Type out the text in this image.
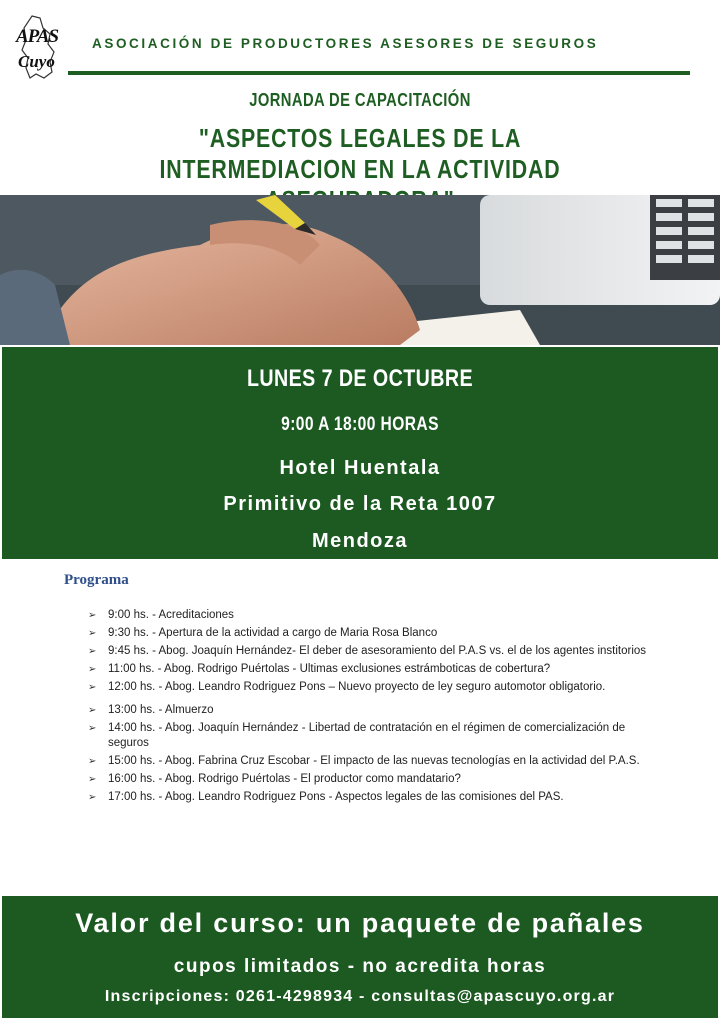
APAS
Cuyo
ASOCIACIÓN DE PRODUCTORES ASESORES DE SEGUROS
JORNADA DE CAPACITACIÓN
"ASPECTOS LEGALES DE LA INTERMEDIACION EN LA ACTIVIDAD
LUNES 7 DE OCTUBRE
9:00 A 18:00 HORAS
Hotel Huentala
Primitivo de la Reta 1007
Mendoza
Programa
➢ 9:00 hs. - Acreditaciones
➢ 9:30 hs. - Apertura de la actividad a cargo de Maria Rosa Blanco
➢ 9:45 hs. - Abog. Joaquín Hernández- El deber de asesoramiento del P.A.S vs. el de los agentes institorios
➢ 11:00 hs. - Abog. Rodrigo Puértolas - Ultimas exclusiones estrámboticas de cobertura?
➢ 12:00 hs. - Abog. Leandro Rodriguez Pons – Nuevo proyecto de ley seguro automotor obligatorio.
➢ 13:00 hs. - Almuerzo
➢ 14:00 hs. - Abog. Joaquín Hernández - Libertad de contratación en el régimen de comercialización de seguros
➢ 15:00 hs. - Abog. Fabrina Cruz Escobar - El impacto de las nuevas tecnologías en la actividad del P.A.S.
➢ 16:00 hs. - Abog. Rodrigo Puértolas - El productor como mandatario?
➢ 17:00 hs. - Abog. Leandro Rodriguez Pons - Aspectos legales de las comisiones del PAS.
Valor del curso: un paquete de pañales
cupos limitados - no acredita horas
Inscripciones: 0261-4298934 - consultas@apascuyo.org.ar
